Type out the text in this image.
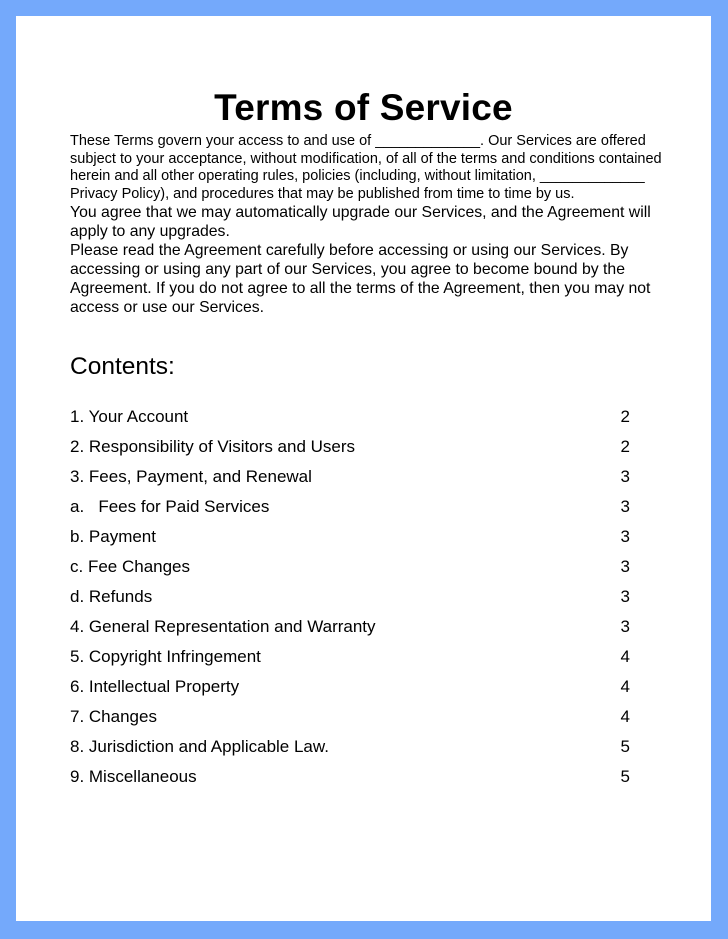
Terms of Service

These Terms govern your access to and use of _____________. Our Services are offered subject to your acceptance, without modification, of all of the terms and conditions contained herein and all other operating rules, policies (including, without limitation, _____________ Privacy Policy), and procedures that may be published from time to time by us.

You agree that we may automatically upgrade our Services, and the Agreement will apply to any upgrades.

Please read the Agreement carefully before accessing or using our Services. By accessing or using any part of our Services, you agree to become bound by the Agreement. If you do not agree to all the terms of the Agreement, then you may not access or use our Services.

Contents:
1. Your Account	2
2. Responsibility of Visitors and Users	2
3. Fees, Payment, and Renewal	3
a.   Fees for Paid Services	3
b. Payment	3
c. Fee Changes	3
d. Refunds	3
4. General Representation and Warranty	3
5. Copyright Infringement	4
6. Intellectual Property	4
7. Changes	4
8. Jurisdiction and Applicable Law.	5
9. Miscellaneous	5
